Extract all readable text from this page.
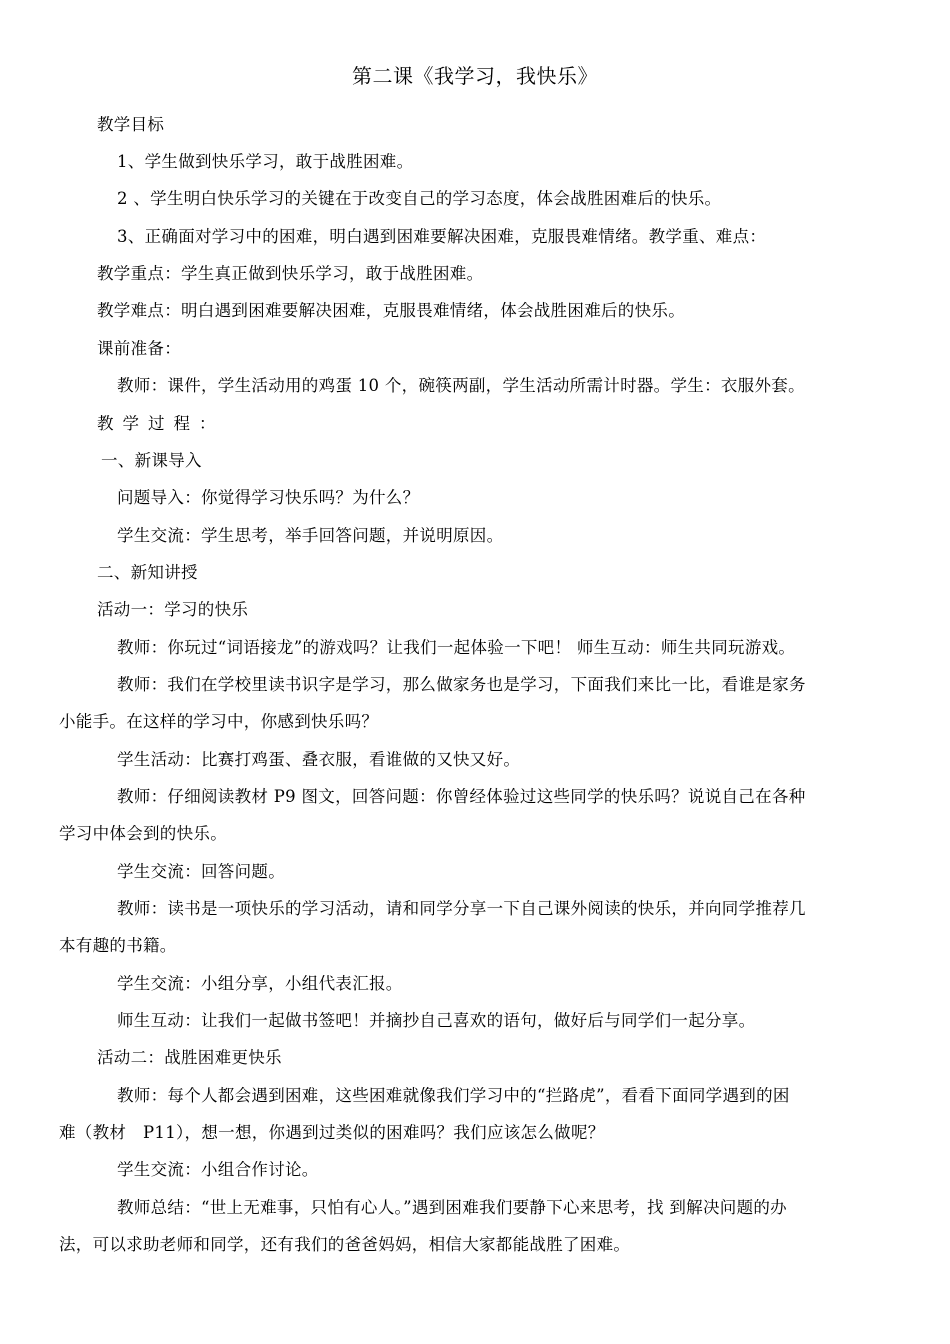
第二课《我学习，我快乐》
教学目标
1、学生做到快乐学习，敢于战胜困难。
2 、学生明白快乐学习的关键在于改变自己的学习态度，体会战胜困难后的快乐。
3、正确面对学习中的困难，明白遇到困难要解决困难，克服畏难情绪。教学重、难点：
教学重点：学生真正做到快乐学习，敢于战胜困难。
教学难点：明白遇到困难要解决困难，克服畏难情绪，体会战胜困难后的快乐。
课前准备：
教师：课件，学生活动用的鸡蛋 10 个，碗筷两副，学生活动所需计时器。学生：衣服外套。
教学过程：
一、新课导入
问题导入：你觉得学习快乐吗？为什么？
学生交流：学生思考，举手回答问题，并说明原因。
二、新知讲授
活动一：学习的快乐
教师：你玩过“词语接龙”的游戏吗？让我们一起体验一下吧！ 师生互动：师生共同玩游戏。
教师：我们在学校里读书识字是学习，那么做家务也是学习，下面我们来比一比，看谁是家务
小能手。在这样的学习中，你感到快乐吗？
学生活动：比赛打鸡蛋、叠衣服，看谁做的又快又好。
教师：仔细阅读教材 P9 图文，回答问题：你曾经体验过这些同学的快乐吗？说说自己在各种
学习中体会到的快乐。
学生交流：回答问题。
教师：读书是一项快乐的学习活动，请和同学分享一下自己课外阅读的快乐，并向同学推荐几
本有趣的书籍。
学生交流：小组分享，小组代表汇报。
师生互动：让我们一起做书签吧！并摘抄自己喜欢的语句，做好后与同学们一起分享。
活动二：战胜困难更快乐
教师：每个人都会遇到困难，这些困难就像我们学习中的“拦路虎”，看看下面同学遇到的困
难（教材　P11），想一想，你遇到过类似的困难吗？我们应该怎么做呢？
学生交流：小组合作讨论。
教师总结：“世上无难事，只怕有心人。”遇到困难我们要静下心来思考，找 到解决问题的办
法，可以求助老师和同学，还有我们的爸爸妈妈，相信大家都能战胜了困难。
